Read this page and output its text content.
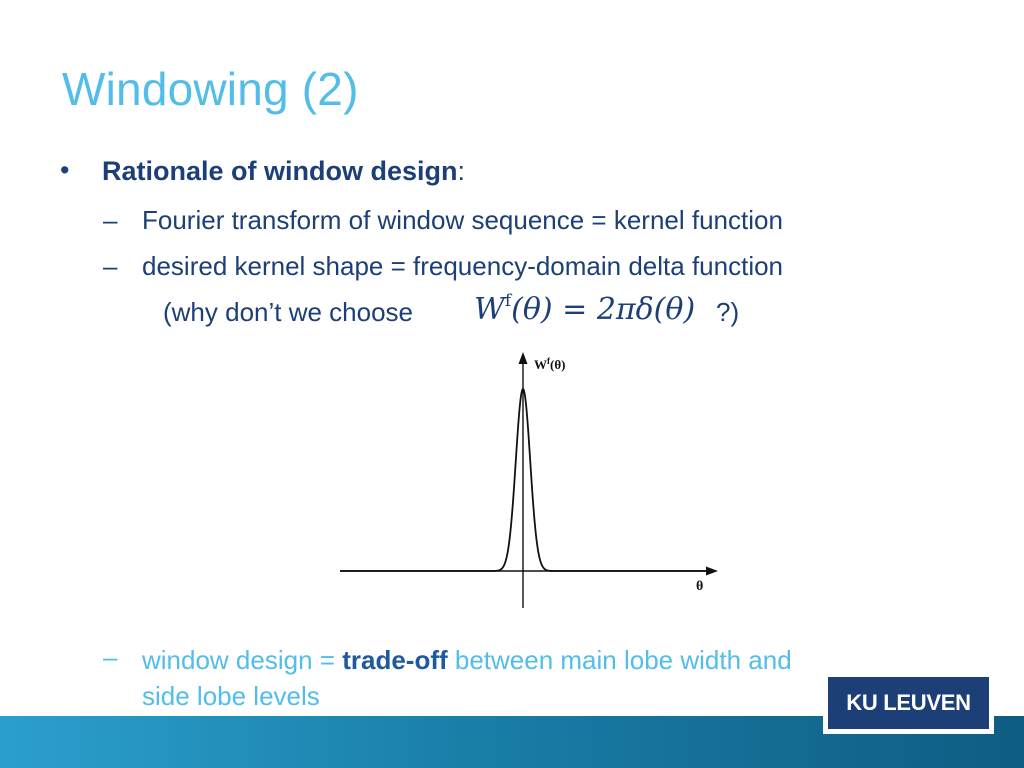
Windowing (2)
• Rationale of window design:
– Fourier transform of window sequence = kernel function
– desired kernel shape = frequency-domain delta function
(why don’t we choose $W^f(\theta) = 2\pi\delta(\theta)$ ?)
$W^f(\theta)$
θ
– window design = trade-off between main lobe width and
side lobe levels	KU LEUVEN
